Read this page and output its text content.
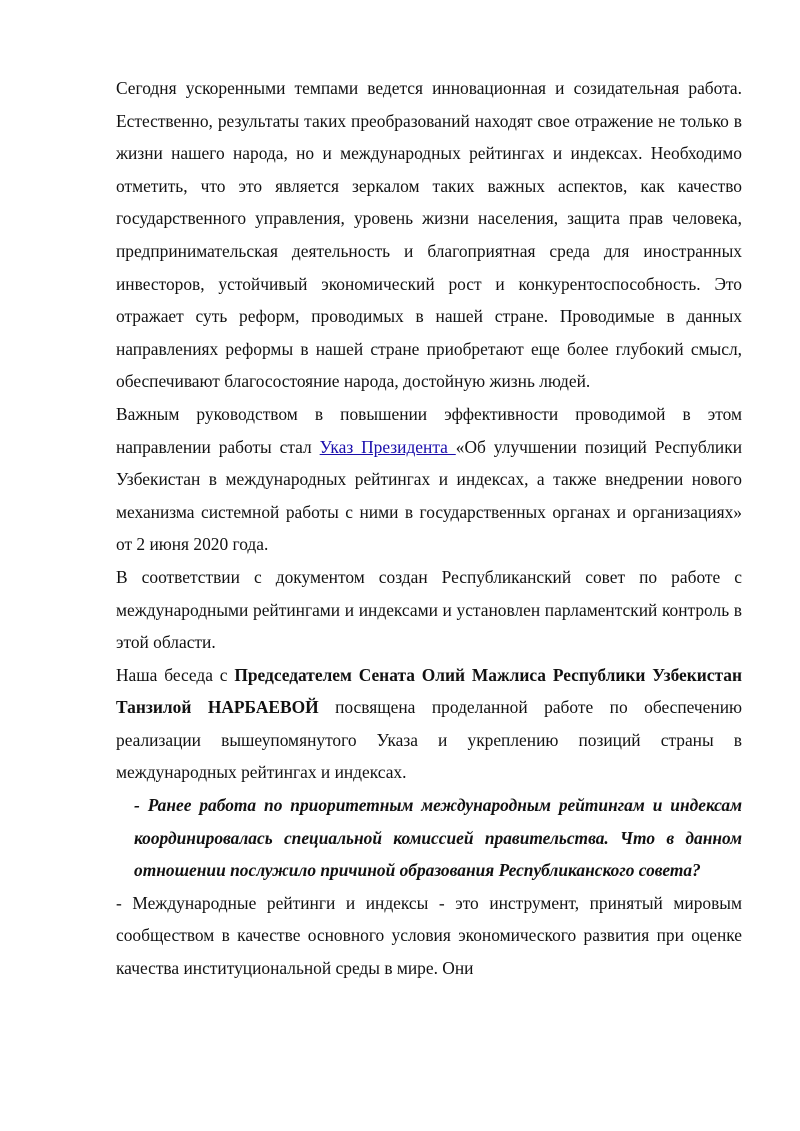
Сегодня ускоренными темпами ведется инновационная и созидательная работа. Естественно, результаты таких преобразований находят свое отражение не только в жизни нашего народа, но и международных рейтингах и индексах. Необходимо отметить, что это является зеркалом таких важных аспектов, как качество государственного управления, уровень жизни населения, защита прав человека, предпринимательская деятельность и благоприятная среда для иностранных инвесторов, устойчивый экономический рост и конкурентоспособность. Это отражает суть реформ, проводимых в нашей стране. Проводимые в данных направлениях реформы в нашей стране приобретают еще более глубокий смысл, обеспечивают благосостояние народа, достойную жизнь людей.

Важным руководством в повышении эффективности проводимой в этом направлении работы стал Указ Президента «Об улучшении позиций Республики Узбекистан в международных рейтингах и индексах, а также внедрении нового механизма системной работы с ними в государственных органах и организациях» от 2 июня 2020 года.

В соответствии с документом создан Республиканский совет по работе с международными рейтингами и индексами и установлен парламентский контроль в этой области.

Наша беседа с Председателем Сената Олий Мажлиса Республики Узбекистан Танзилой НАРБАЕВОЙ посвящена проделанной работе по обеспечению реализации вышеупомянутого Указа и укреплению позиций страны в международных рейтингах и индексах.

- Ранее работа по приоритетным международным рейтингам и индексам координировалась специальной комиссией правительства. Что в данном отношении послужило причиной образования Республиканского совета?

- Международные рейтинги и индексы - это инструмент, принятый мировым сообществом в качестве основного условия экономического развития при оценке качества институциональной среды в мире. Они
